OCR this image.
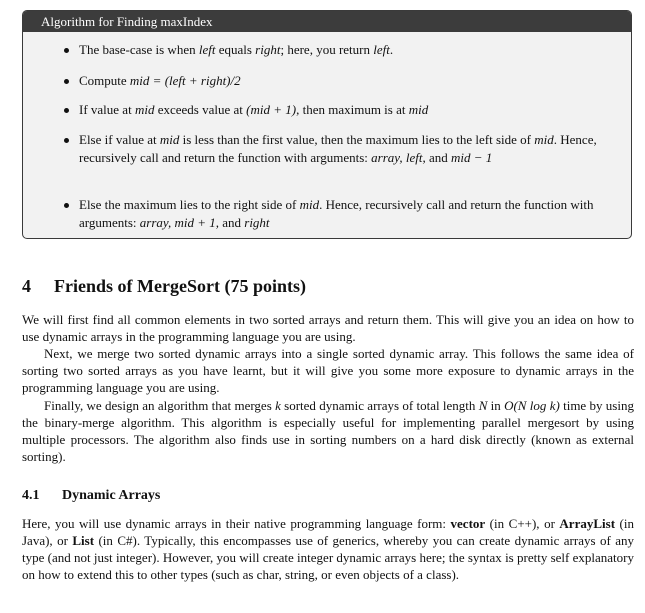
Algorithm for Finding maxIndex
The base-case is when left equals right; here, you return left.
Compute mid = (left + right)/2
If value at mid exceeds value at (mid + 1), then maximum is at mid
Else if value at mid is less than the first value, then the maximum lies to the left side of mid. Hence, recursively call and return the function with arguments: array, left, and mid − 1
Else the maximum lies to the right side of mid. Hence, recursively call and return the function with arguments: array, mid + 1, and right
4 Friends of MergeSort (75 points)

We will first find all common elements in two sorted arrays and return them. This will give you an idea on how to use dynamic arrays in the programming language you are using.

Next, we merge two sorted dynamic arrays into a single sorted dynamic array. This follows the same idea of sorting two sorted arrays as you have learnt, but it will give you some more exposure to dynamic arrays in the programming language you are using.

Finally, we design an algorithm that merges k sorted dynamic arrays of total length N in O(N log k) time by using the binary-merge algorithm. This algorithm is especially useful for implementing parallel mergesort by using multiple processors. The algorithm also finds use in sorting numbers on a hard disk directly (known as external sorting).

4.1 Dynamic Arrays

Here, you will use dynamic arrays in their native programming language form: vector (in C++), or ArrayList (in Java), or List (in C#). Typically, this encompasses use of generics, whereby you can create dynamic arrays of any type (and not just integer). However, you will create integer dynamic arrays here; the syntax is pretty self explanatory on how to extend this to other types (such as char, string, or even objects of a class).
